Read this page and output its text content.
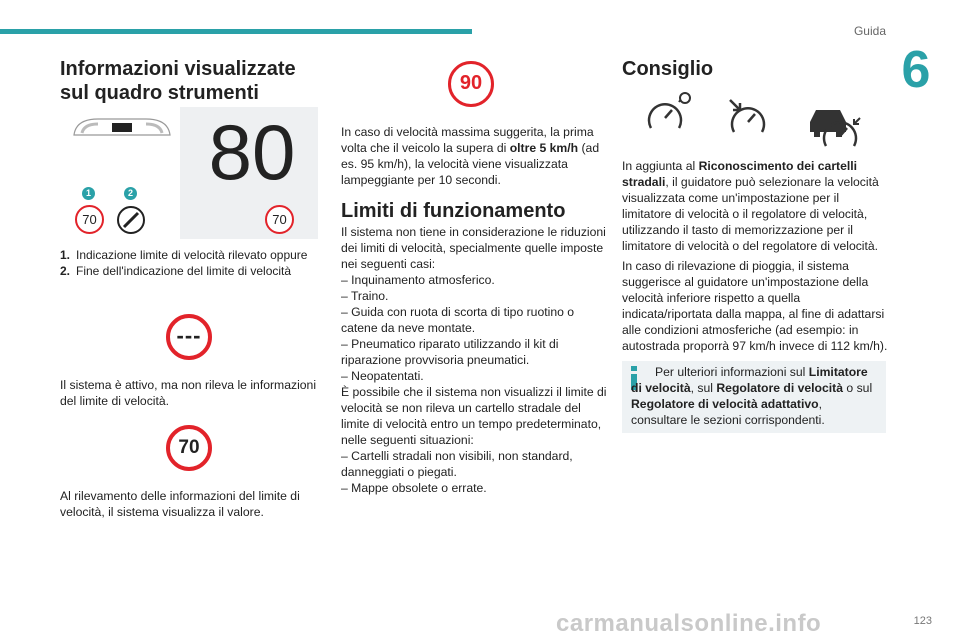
Guida
6
Informazioni visualizzate sul quadro strumenti
80
1	2
70	70
1. Indicazione limite di velocità rilevato oppure
2. Fine dell'indicazione del limite di velocità
---

Il sistema è attivo, ma non rileva le informazioni del limite di velocità.

70

Al rilevamento delle informazioni del limite di velocità, il sistema visualizza il valore.

90

In caso di velocità massima suggerita, la prima volta che il veicolo la supera di oltre 5 km/h (ad es. 95 km/h), la velocità viene visualizzata lampeggiante per 10 secondi.

Limiti di funzionamento
Il sistema non tiene in considerazione le riduzioni dei limiti di velocità, specialmente quelle imposte nei seguenti casi:
– Inquinamento atmosferico.
– Traino.
– Guida con ruota di scorta di tipo ruotino o catene da neve montate.
– Pneumatico riparato utilizzando il kit di riparazione provvisoria pneumatici.
– Neopatentati.
È possibile che il sistema non visualizzi il limite di velocità se non rileva un cartello stradale del limite di velocità entro un tempo predeterminato, nelle seguenti situazioni:
– Cartelli stradali non visibili, non standard, danneggiati o piegati.
– Mappe obsolete o errate.
Consiglio

In aggiunta al Riconoscimento dei cartelli stradali, il guidatore può selezionare la velocità visualizzata come un'impostazione per il limitatore di velocità o il regolatore di velocità, utilizzando il tasto di memorizzazione per il limitatore di velocità o del regolatore di velocità.

In caso di rilevazione di pioggia, il sistema suggerisce al guidatore un'impostazione della velocità inferiore rispetto a quella indicata/riportata dalla mappa, al fine di adattarsi alle condizioni atmosferiche (ad esempio: in autostrada proporrà 97 km/h invece di 112 km/h).

Per ulteriori informazioni sul Limitatore di velocità, sul Regolatore di velocità o sul Regolatore di velocità adattativo, consultare le sezioni corrispondenti.
123
carmanualsonline.info
